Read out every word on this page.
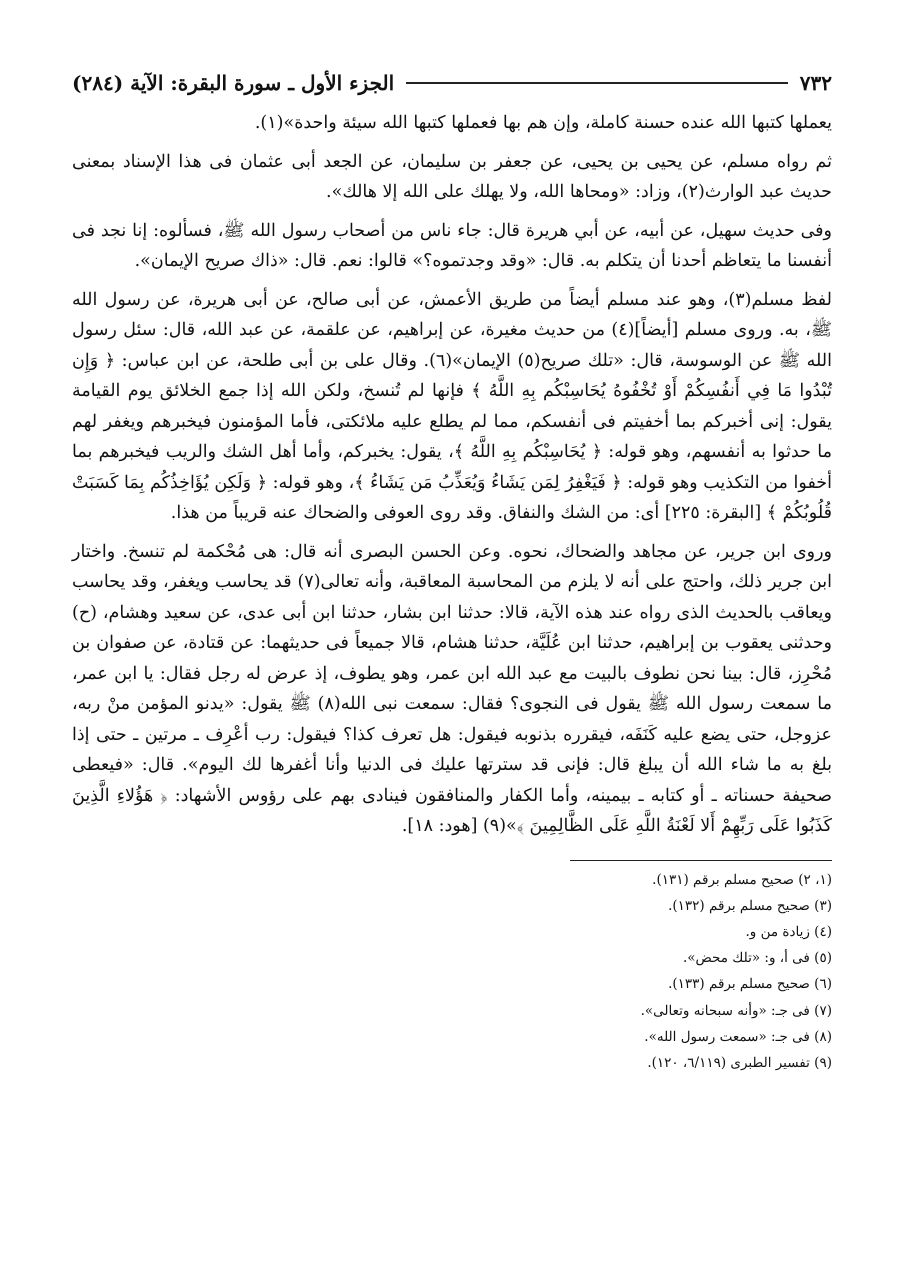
٧٣٢
الجزء الأول ـ سورة البقرة: الآية (٢٨٤)

يعملها كتبها الله عنده حسنة كاملة، وإن هم بها فعملها كتبها الله سيئة واحدة»(١).

ثم رواه مسلم، عن يحيى بن يحيى، عن جعفر بن سليمان، عن الجعد أبى عثمان فى هذا الإسناد بمعنى حديث عبد الوارث(٢)، وزاد: «ومحاها الله، ولا يهلك على الله إلا هالك».

وفى حديث سهيل، عن أبيه، عن أبي هريرة قال: جاء ناس من أصحاب رسول الله ﷺ، فسألوه: إنا نجد فى أنفسنا ما يتعاظم أحدنا أن يتكلم به. قال: «وقد وجدتموه؟» قالوا: نعم. قال: «ذاك صريح الإيمان».

لفظ مسلم(٣)، وهو عند مسلم أيضاً من طريق الأعمش، عن أبى صالح، عن أبى هريرة، عن رسول الله ﷺ، به. وروى مسلم [أيضاً](٤) من حديث مغيرة، عن إبراهيم، عن علقمة، عن عبد الله، قال: سئل رسول الله ﷺ عن الوسوسة، قال: «تلك صريح(٥) الإيمان»(٦). وقال على بن أبى طلحة، عن ابن عباس: ﴿ وَإِن تُبْدُوا مَا فِي أَنفُسِكُمْ أَوْ تُخْفُوهُ يُحَاسِبْكُم بِهِ اللَّهُ ﴾ فإنها لم تُنسخ، ولكن الله إذا جمع الخلائق يوم القيامة يقول: إنى أخبركم بما أخفيتم فى أنفسكم، مما لم يطلع عليه ملائكتى، فأما المؤمنون فيخبرهم ويغفر لهم ما حدثوا به أنفسهم، وهو قوله: ﴿ يُحَاسِبْكُم بِهِ اللَّهُ ﴾، يقول: يخبركم، وأما أهل الشك والريب فيخبرهم بما أخفوا من التكذيب وهو قوله: ﴿ فَيَغْفِرُ لِمَن يَشَاءُ وَيُعَذِّبُ مَن يَشَاءُ ﴾، وهو قوله: ﴿ وَلَكِن يُؤَاخِذُكُم بِمَا كَسَبَتْ قُلُوبُكُمْ ﴾ [البقرة: ٢٢٥] أى: من الشك والنفاق. وقد روى العوفى والضحاك عنه قريباً من هذا.

وروى ابن جرير، عن مجاهد والضحاك، نحوه. وعن الحسن البصرى أنه قال: هى مُحْكمة لم تنسخ. واختار ابن جرير ذلك، واحتج على أنه لا يلزم من المحاسبة المعاقبة، وأنه تعالى(٧) قد يحاسب ويغفر، وقد يحاسب ويعاقب بالحديث الذى رواه عند هذه الآية، قالا: حدثنا ابن بشار، حدثنا ابن أبى عدى، عن سعيد وهشام، (ح) وحدثنى يعقوب بن إبراهيم، حدثنا ابن عُلَيَّة، حدثنا هشام، قالا جميعاً فى حديثهما: عن قتادة، عن صفوان بن مُحْرِز، قال: بينا نحن نطوف بالبيت مع عبد الله ابن عمر، وهو يطوف، إذ عرض له رجل فقال: يا ابن عمر، ما سمعت رسول الله ﷺ يقول فى النجوى؟ فقال: سمعت نبى الله(٨) ﷺ يقول: «يدنو المؤمن منْ ربه، عزوجل، حتى يضع عليه كَنَفَه، فيقرره بذنوبه فيقول: هل تعرف كذا؟ فيقول: رب أعْرِف ـ مرتين ـ حتى إذا بلغ به ما شاء الله أن يبلغ قال: فإنى قد سترتها عليك فى الدنيا وأنا أغفرها لك اليوم». قال: «فيعطى صحيفة حسناته ـ أو كتابه ـ بيمينه، وأما الكفار والمنافقون فينادى بهم على رؤوس الأشهاد: ﴿ هَؤُلاءِ الَّذِينَ كَذَبُوا عَلَى رَبِّهِمْ أَلا لَعْنَةُ اللَّهِ عَلَى الظَّالِمِينَ ﴾»(٩) [هود: ١٨].

(١، ٢) صحيح مسلم برقم (١٣١).
(٣) صحيح مسلم برقم (١٣٢).
(٤) زيادة من و.
(٥) فى أ، و: «تلك محض».
(٦) صحيح مسلم برقم (١٣٣).
(٧) فى جـ: «وأنه سبحانه وتعالى».
(٨) فى جـ: «سمعت رسول الله».
(٩) تفسير الطبرى (٦/١١٩، ١٢٠).
